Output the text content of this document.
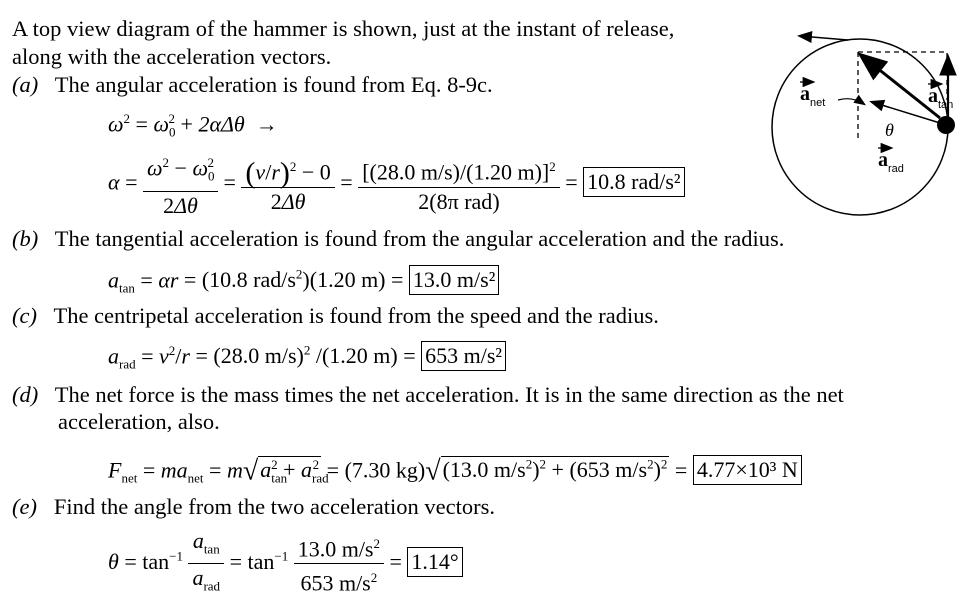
A top view diagram of the hammer is shown, just at the instant of release,
along with the acceleration vectors.
(a) The angular acceleration is found from Eq. 8-9c.
$\omega^2 = \omega_0^2 + 2\alpha\Delta\theta$  →
$\alpha = \frac{\omega^2 - \omega_0^2}{2\Delta\theta} = \frac{(v/r)^2 - 0}{2\Delta\theta} = \frac{[(28.0 m/s)/(1.20 m)]^2}{\text{2(8π rad)}} = 10.8$ rad/s²
(b) The tangential acceleration is found from the angular acceleration and the radius.
$a_{tan} = \alpha r = (10.8$ rad/$s^2)(1.20$ m) = 13.0 m/s²
(c) The centripetal acceleration is found from the speed and the radius.
$a_{rad} = v^2/r = (28.0$ m/s)$^2$ /(1.20 m) = 653 m/s²
(d) The net force is the mass times the net acceleration. It is in the same direction as the net
acceleration, also.
$F_{net} = ma_{net} = m√a_{tan}^2 + a_{rad}^2 = (7.30$ kg)√(13.0 $m/s^2)^2 + (653$ $m/s^2)^2 = 4.77\times 10^3$ N
(e) Find the angle from the two acceleration vectors.
$\theta = \tan^{-1} \frac{a_{tan}}{a_{rad}} = \tan^{-1} \frac{13.0 m/s^2}{653 m/s^2} = 1.14^\circ$
a net	a tan
a rad
θ
